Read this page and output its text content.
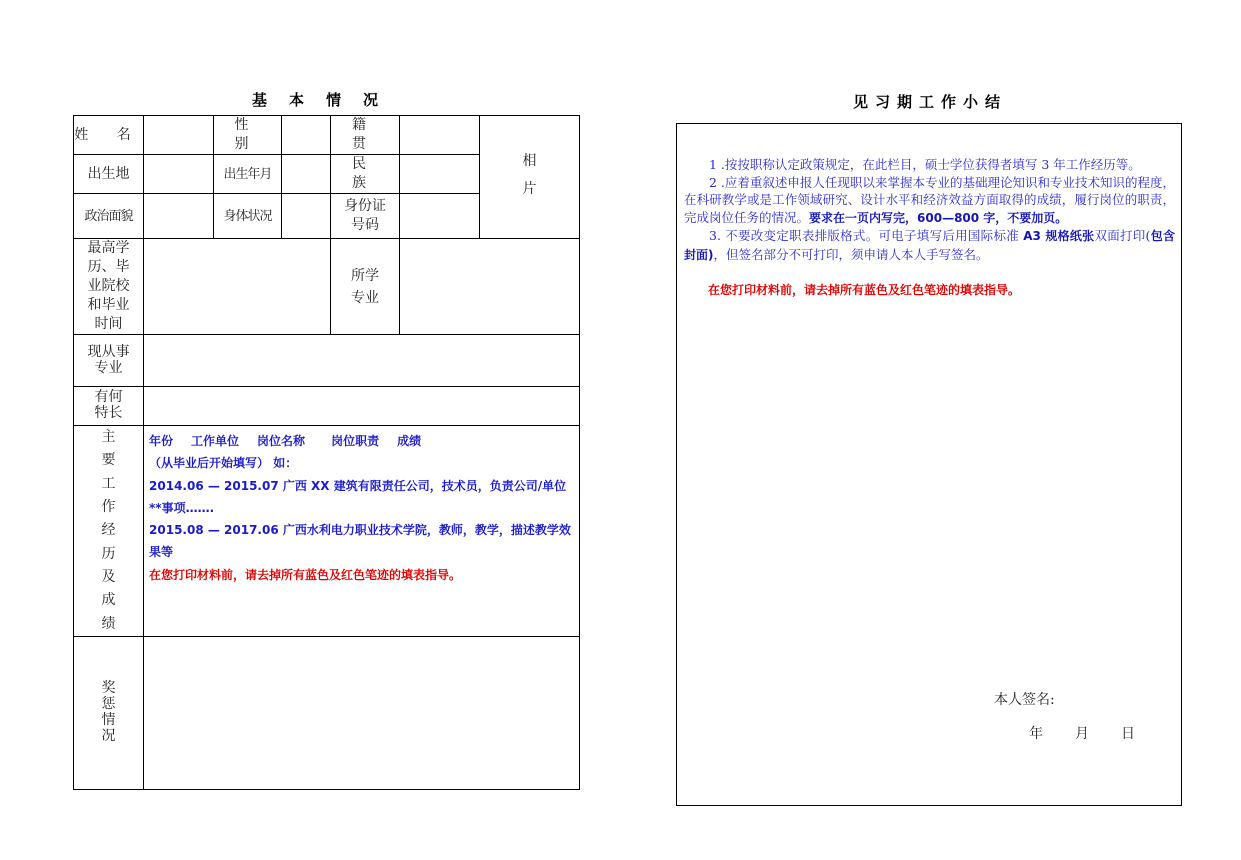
基本情况
姓 名		性 别		籍 贯		相
片
出生地		出生年月		民 族		
政治面貌		身体状况		身份证号码		
最高学历、毕业院校和毕业时间				所学专业		
现从事专业						
有何特长						
主要工作经历及成绩	年份 工作单位 岗位名称 岗位职责 成绩
（从毕业后开始填写） 如：
2014.06 — 2015.07 广西 XX 建筑有限责任公司，技术员，负责公司/单位**事项…….
2015.08 — 2017.06 广西水利电力职业技术学院，教师，教学，描述教学效果等
在您打印材料前，请去掉所有蓝色及红色笔迹的填表指导。					

奖惩情况						
见习期工作小结

1 .按按职称认定政策规定，在此栏目，硕士学位获得者填写 3 年工作经历等。

2 .应着重叙述申报人任现职以来掌握本专业的基础理论知识和专业技术知识的程度，在科研教学或是工作领域研究、设计水平和经济效益方面取得的成绩，履行岗位的职责，完成岗位任务的情况。要求在一页内写完，600—800 字，不要加页。

3. 不要改变定职表排版格式。可电子填写后用国际标准 A3 规格纸张双面打印(包含封面)，但签名部分不可打印，须申请人本人手写签名。

在您打印材料前，请去掉所有蓝色及红色笔迹的填表指导。

本人签名:
年 月 日
